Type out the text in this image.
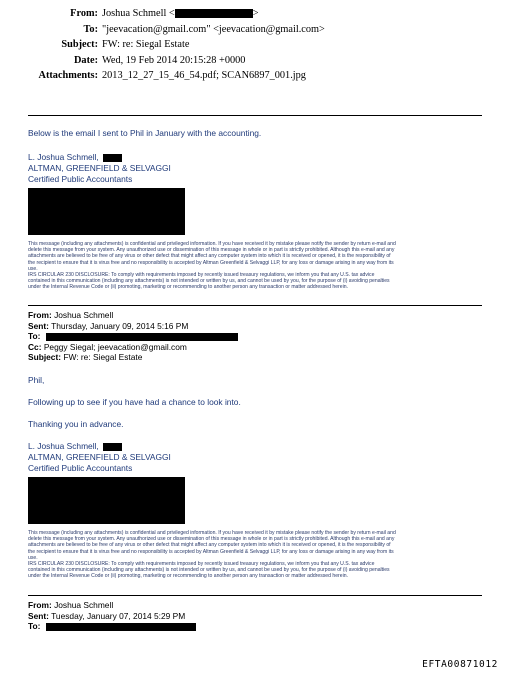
From: Joshua Schmell <	>
To: "jeevacation@gmail.com" <jeevacation@gmail.com>
Subject: FW: re: Siegal Estate
Date: Wed, 19 Feb 2014 20:15:28 +0000
Attachments: 2013_12_27_15_46_54.pdf; SCAN6897_001.jpg
Below is the email I sent to Phil in January with the accounting.
L. Joshua Schmell,
ALTMAN, GREENFIELD & SELVAGGI
Certified Public Accountants
This message (including any attachments) is confidential and privileged information. If you have received it by mistake please notify the sender by return e-mail and
delete this message from your system. Any unauthorized use or dissemination of this message in whole or in part is strictly prohibited. Although this e-mail and any
attachments are believed to be free of any virus or other defect that might affect any computer system into which it is received or opened, it is the responsibility of
the recipient to ensure that it is virus free and no responsibility is accepted by Altman Greenfield & Selvaggi LLP, for any loss or damage arising in any way from its
use.
IRS CIRCULAR 230 DISCLOSURE: To comply with requirements imposed by recently issued treasury regulations, we inform you that any U.S. tax advice
contained in this communication (including any attachments) is not intended or written by us, and cannot be used by you, for the purpose of (i) avoiding penalties
under the Internal Revenue Code or (ii) promoting, marketing or recommending to another person any transaction or matter addressed herein.
From: Joshua Schmell
Sent: Thursday, January 09, 2014 5:16 PM
To:
Cc: Peggy Siegal; jeevacation@gmail.com
Subject: FW: re: Siegal Estate
Phil,
Following up to see if you have had a chance to look into.
Thanking you in advance.
L. Joshua Schmell,
ALTMAN, GREENFIELD & SELVAGGI
Certified Public Accountants
This message (including any attachments) is confidential and privileged information. If you have received it by mistake please notify the sender by return e-mail and
delete this message from your system. Any unauthorized use or dissemination of this message in whole or in part is strictly prohibited. Although this e-mail and any
attachments are believed to be free of any virus or other defect that might affect any computer system into which it is received or opened, it is the responsibility of
the recipient to ensure that it is virus free and no responsibility is accepted by Altman Greenfield & Selvaggi LLP, for any loss or damage arising in any way from its
use.
IRS CIRCULAR 230 DISCLOSURE: To comply with requirements imposed by recently issued treasury regulations, we inform you that any U.S. tax advice
contained in this communication (including any attachments) is not intended or written by us, and cannot be used by you, for the purpose of (i) avoiding penalties
under the Internal Revenue Code or (ii) promoting, marketing or recommending to another person any transaction or matter addressed herein.
From: Joshua Schmell
Sent: Tuesday, January 07, 2014 5:29 PM
To:
EFTA00871012
